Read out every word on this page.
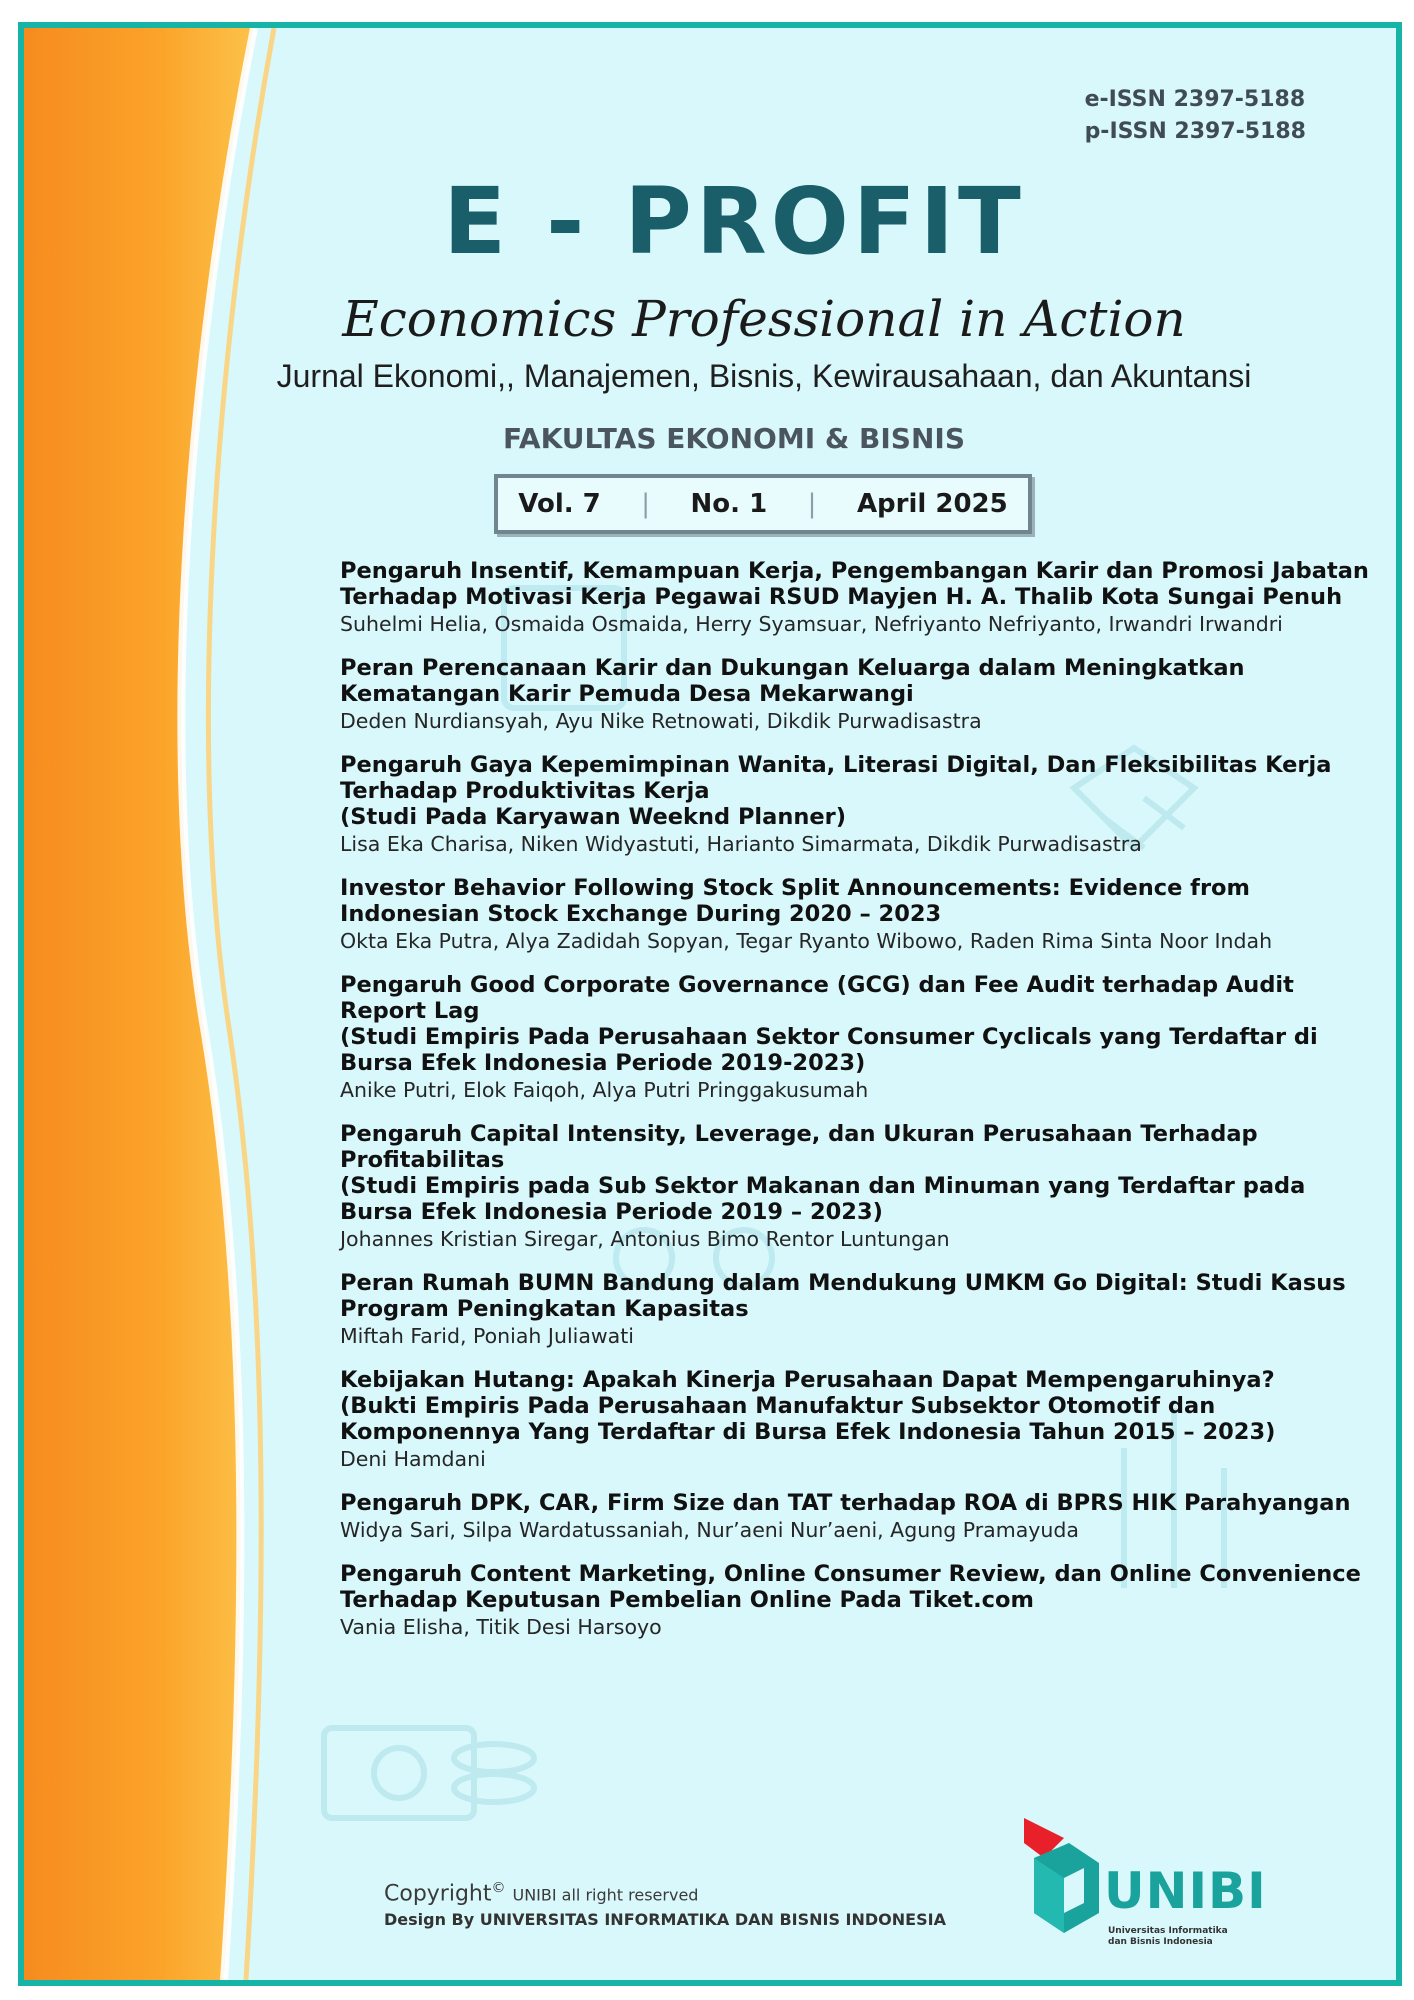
e-ISSN 2397-5188
p-ISSN 2397-5188
E - PROFIT
Economics Professional in Action
Jurnal Ekonomi,, Manajemen, Bisnis, Kewirausahaan, dan Akuntansi
FAKULTAS EKONOMI & BISNIS
Vol. 7 | No. 1 | April 2025
Pengaruh Insentif, Kemampuan Kerja, Pengembangan Karir dan Promosi Jabatan Terhadap Motivasi Kerja Pegawai RSUD Mayjen H. A. Thalib Kota Sungai Penuh
Suhelmi Helia, Osmaida Osmaida, Herry Syamsuar, Nefriyanto Nefriyanto, Irwandri Irwandri
Peran Perencanaan Karir dan Dukungan Keluarga dalam Meningkatkan Kematangan Karir Pemuda Desa Mekarwangi
Deden Nurdiansyah, Ayu Nike Retnowati, Dikdik Purwadisastra
Pengaruh Gaya Kepemimpinan Wanita, Literasi Digital, Dan Fleksibilitas Kerja Terhadap Produktivitas Kerja
(Studi Pada Karyawan Weeknd Planner)
Lisa Eka Charisa, Niken Widyastuti, Harianto Simarmata, Dikdik Purwadisastra
Investor Behavior Following Stock Split Announcements: Evidence from Indonesian Stock Exchange During 2020 – 2023
Okta Eka Putra, Alya Zadidah Sopyan, Tegar Ryanto Wibowo, Raden Rima Sinta Noor Indah
Pengaruh Good Corporate Governance (GCG) dan Fee Audit terhadap Audit Report Lag
(Studi Empiris Pada Perusahaan Sektor Consumer Cyclicals yang Terdaftar di Bursa Efek Indonesia Periode 2019-2023)
Anike Putri, Elok Faiqoh, Alya Putri Pringgakusumah
Pengaruh Capital Intensity, Leverage, dan Ukuran Perusahaan Terhadap Profitabilitas
(Studi Empiris pada Sub Sektor Makanan dan Minuman yang Terdaftar pada Bursa Efek Indonesia Periode 2019 – 2023)
Johannes Kristian Siregar, Antonius Bimo Rentor Luntungan
Peran Rumah BUMN Bandung dalam Mendukung UMKM Go Digital: Studi Kasus Program Peningkatan Kapasitas
Miftah Farid, Poniah Juliawati
Kebijakan Hutang: Apakah Kinerja Perusahaan Dapat Mempengaruhinya?
(Bukti Empiris Pada Perusahaan Manufaktur Subsektor Otomotif dan Komponennya Yang Terdaftar di Bursa Efek Indonesia Tahun 2015 – 2023)
Deni Hamdani
Pengaruh DPK, CAR, Firm Size dan TAT terhadap ROA di BPRS HIK Parahyangan
Widya Sari, Silpa Wardatussaniah, Nur’aeni Nur’aeni, Agung Pramayuda
Pengaruh Content Marketing, Online Consumer Review, dan Online Convenience Terhadap Keputusan Pembelian Online Pada Tiket.com
Vania Elisha, Titik Desi Harsoyo
Copyright© UNIBI all right reserved
Design By UNIVERSITAS INFORMATIKA DAN BISNIS INDONESIA	UNIBI
Universitas Informatika
dan Bisnis Indonesia
